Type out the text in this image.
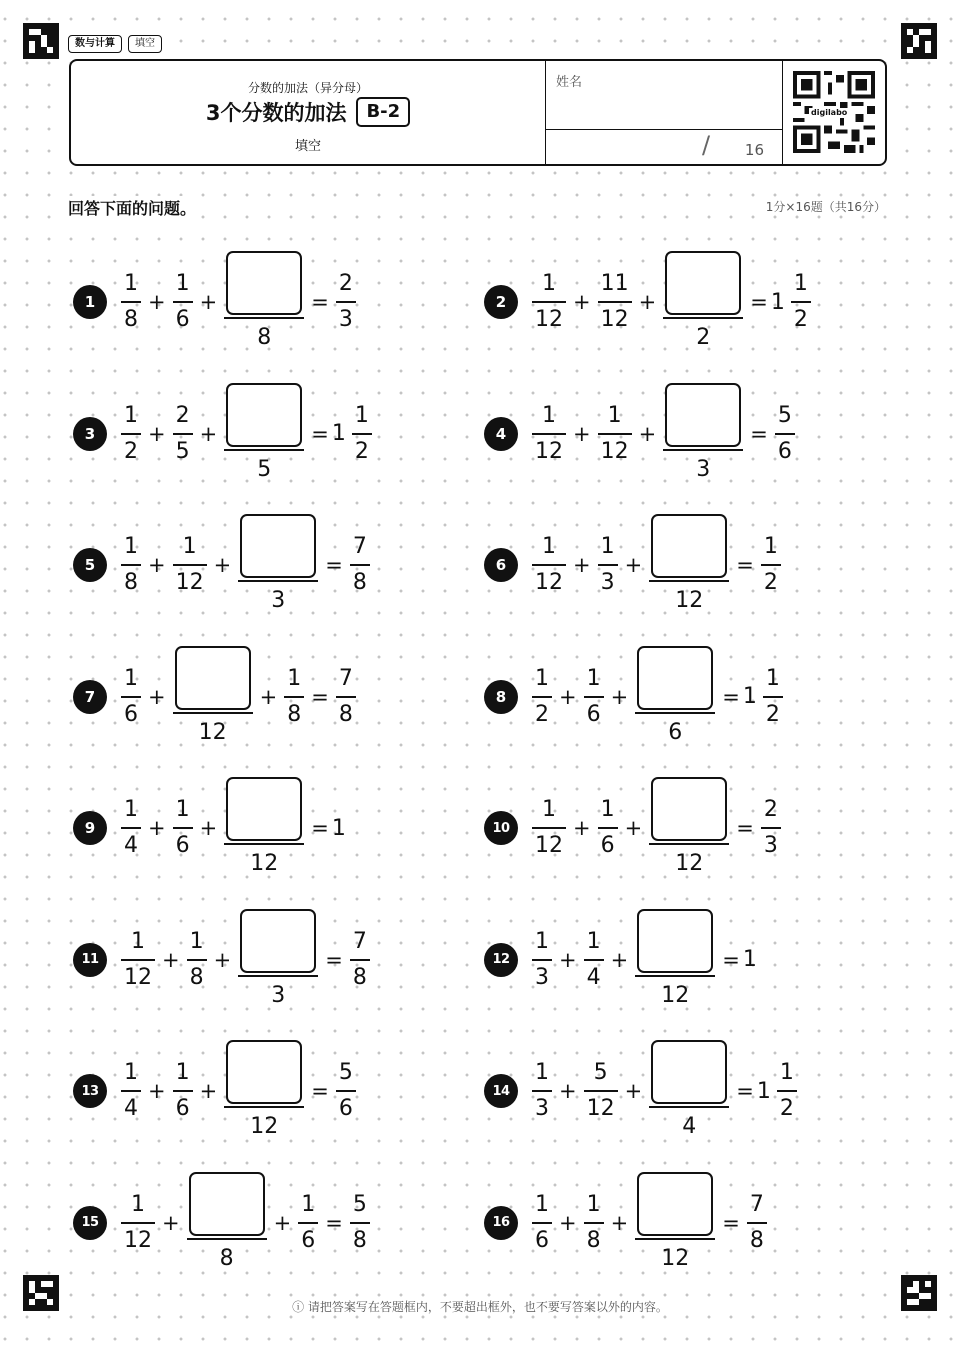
数与计算	填空
分数的加法（异分母）
3个分数的加法	B-2
填空
姓名
/ 16
digilabo
回答下面的问题。	1分×16题（共16分）
1	$\frac{1}{8} + \frac{1}{6}$ +
8
= $\frac{2}{3}$	2	$\frac{1}{12} + \frac{11}{12}$ +
2
= $1 \frac{1}{2}$
3	$\frac{1}{2} + \frac{2}{5}$ +
5
= $1 \frac{1}{2}$	4	$\frac{1}{12} + \frac{1}{12}$ +
3
= $\frac{5}{6}$
5	$\frac{1}{8} + \frac{1}{12}$ +
3
= $\frac{7}{8}$	6	$\frac{1}{12} + \frac{1}{3}$ +
12
= $\frac{1}{2}$
7	$\frac{1}{6}$ +
12
+ $\frac{1}{8} = \frac{7}{8}$	8	$\frac{1}{2} + \frac{1}{6}$ +
6
= $1 \frac{1}{2}$
9	$\frac{1}{4} + \frac{1}{6}$ +
12
= 1	10	$\frac{1}{12} + \frac{1}{6}$ +
12
= $\frac{2}{3}$
11	$\frac{1}{12} + \frac{1}{8}$ +
3
= $\frac{7}{8}$	12	$\frac{1}{3} + \frac{1}{4}$ +
12
= 1
13	$\frac{1}{4} + \frac{1}{6}$ +
12
= $\frac{5}{6}$	14	$\frac{1}{3} + \frac{5}{12}$ +
4
= $1 \frac{1}{2}$
15	$\frac{1}{12}$ +
8
+ $\frac{1}{6} = \frac{5}{8}$	16	$\frac{1}{6} + \frac{1}{8}$ +
12
= $\frac{7}{8}$
ⓘ 请把答案写在答题框内，不要超出框外，也不要写答案以外的内容。
